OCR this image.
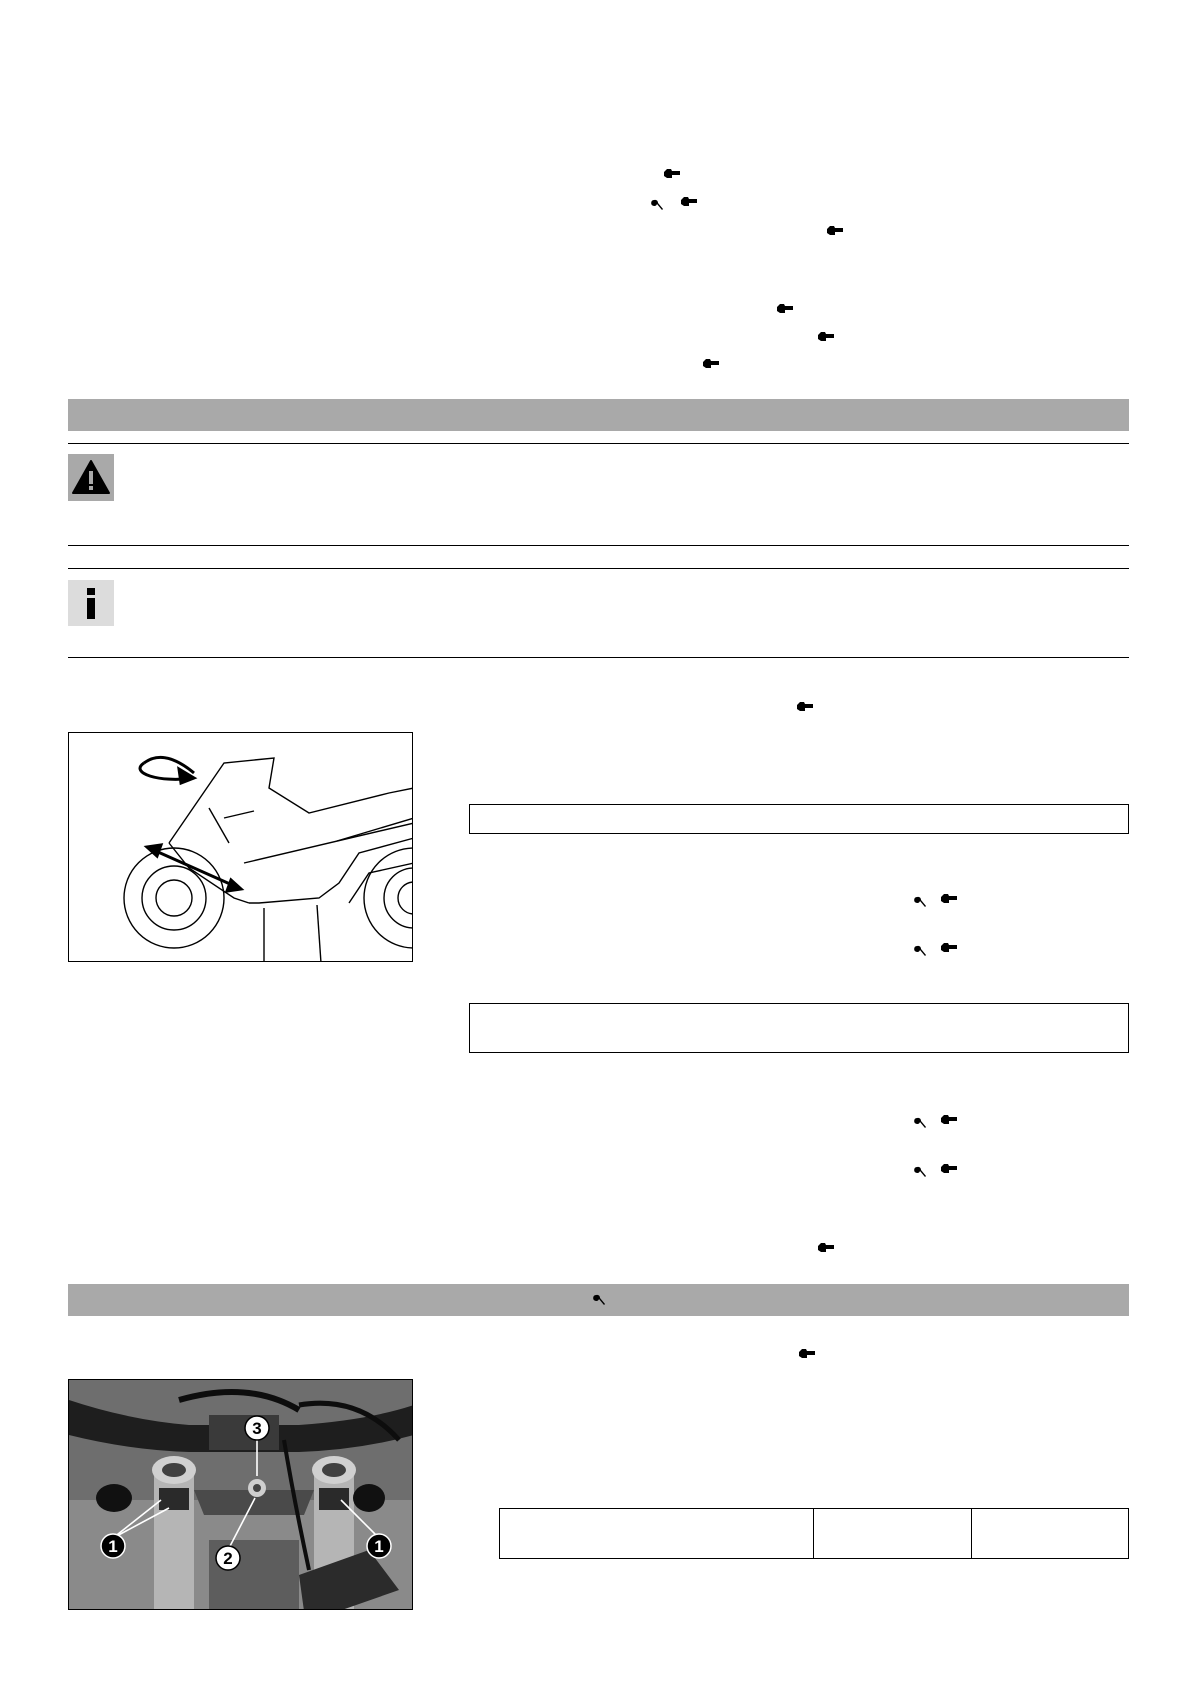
1	1
2
3
